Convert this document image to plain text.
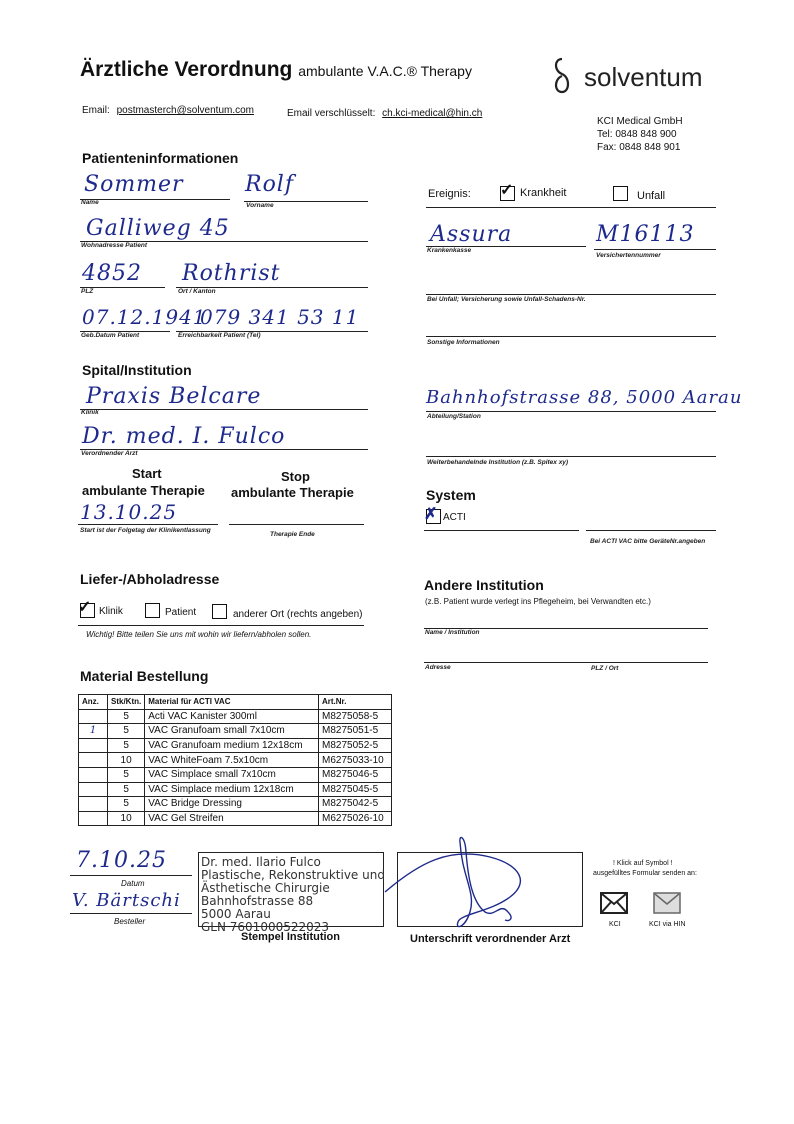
Ärztliche Verordnung ambulante V.A.C.® Therapy	solventum
Email: postmasterch@solventum.com	Email verschlüsselt: ch.kci-medical@hin.ch
KCI Medical GmbH
Tel: 0848 848 900
Fax: 0848 848 901
Patienteninformationen
Sommer
Name
Rolf
Vorname
Galliweg 45
Wohnadresse Patient
4852
PLZ
Rothrist
Ort / Kanton
07.12.1941
Geb.Datum Patient
079 341 53 11
Erreichbarkeit Patient (Tel)
Ereignis: ✓ Krankheit	Unfall
Assura
Krankenkasse
M16113
Versichertennummer
Bei Unfall; Versicherung sowie Unfall-Schadens-Nr.
Sonstige Informationen
Spital/Institution
Praxis Belcare
Klinik
Dr. med. I. Fulco
Verordnender Arzt
Bahnhofstrasse 88, 5000 Aarau
Abteilung/Station
Weiterbehandelnde Institution (z.B. Spitex xy)
Start
ambulante Therapie
Stop
ambulante Therapie
13.10.25
Start ist der Folgetag der Klinikentlassung
Therapie Ende
System
✗ ACTI
Bei ACTI VAC bitte GeräteNr.angeben
Liefer-/Abholadresse
✓ Klinik	Patient	anderer Ort (rechts angeben)
Wichtig! Bitte teilen Sie uns mit wohin wir liefern/abholen sollen.
Andere Institution
(z.B. Patient wurde verlegt ins Pflegeheim, bei Verwandten etc.)
Name / Institution
Adresse	PLZ / Ort
Material Bestellung
Anz.	Stk/Ktn.	Material für ACTI VAC	Art.Nr.
	5	Acti VAC Kanister 300ml	M8275058-5
1	5	VAC Granufoam small 7x10cm	M8275051-5
	5	VAC Granufoam medium 12x18cm	M8275052-5
	10	VAC WhiteFoam 7.5x10cm	M6275033-10
	5	VAC Simplace small 7x10cm	M8275046-5
	5	VAC Simplace medium 12x18cm	M8275045-5
	5	VAC Bridge Dressing	M8275042-5
	10	VAC Gel Streifen	M6275026-10
7.10.25
Datum
V. Bärtschi
Besteller
Dr. med. Ilario Fulco
Plastische, Rekonstruktive und
Ästhetische Chirurgie
Bahnhofstrasse 88
5000 Aarau
GLN 7601000522023
Stempel Institution	Unterschrift verordnender Arzt
! Klick auf Symbol !
ausgefülltes Formular senden an:
KCI	KCI via HIN
